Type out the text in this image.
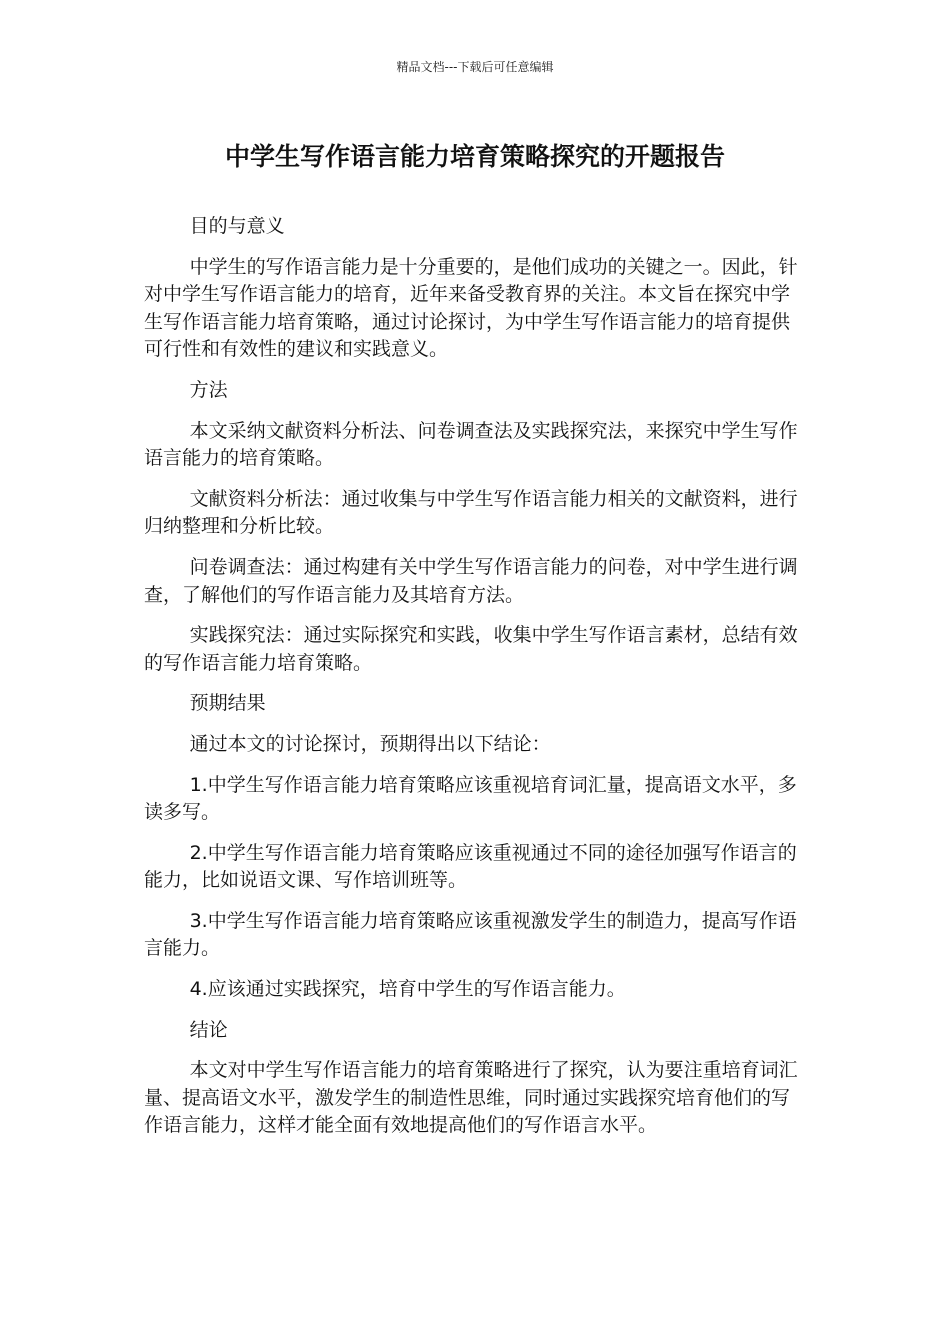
精品文档---下载后可任意编辑
中学生写作语言能力培育策略探究的开题报告

目的与意义

中学生的写作语言能力是十分重要的，是他们成功的关键之一。因此，针对中学生写作语言能力的培育，近年来备受教育界的关注。本文旨在探究中学生写作语言能力培育策略，通过讨论探讨，为中学生写作语言能力的培育提供可行性和有效性的建议和实践意义。

方法

本文采纳文献资料分析法、问卷调查法及实践探究法，来探究中学生写作语言能力的培育策略。

文献资料分析法：通过收集与中学生写作语言能力相关的文献资料，进行归纳整理和分析比较。

问卷调查法：通过构建有关中学生写作语言能力的问卷，对中学生进行调查，了解他们的写作语言能力及其培育方法。

实践探究法：通过实际探究和实践，收集中学生写作语言素材，总结有效的写作语言能力培育策略。

预期结果

通过本文的讨论探讨，预期得出以下结论：

1.中学生写作语言能力培育策略应该重视培育词汇量，提高语文水平，多读多写。

2.中学生写作语言能力培育策略应该重视通过不同的途径加强写作语言的能力，比如说语文课、写作培训班等。

3.中学生写作语言能力培育策略应该重视激发学生的制造力，提高写作语言能力。

4.应该通过实践探究，培育中学生的写作语言能力。

结论

本文对中学生写作语言能力的培育策略进行了探究，认为要注重培育词汇量、提高语文水平，激发学生的制造性思维，同时通过实践探究培育他们的写作语言能力，这样才能全面有效地提高他们的写作语言水平。
